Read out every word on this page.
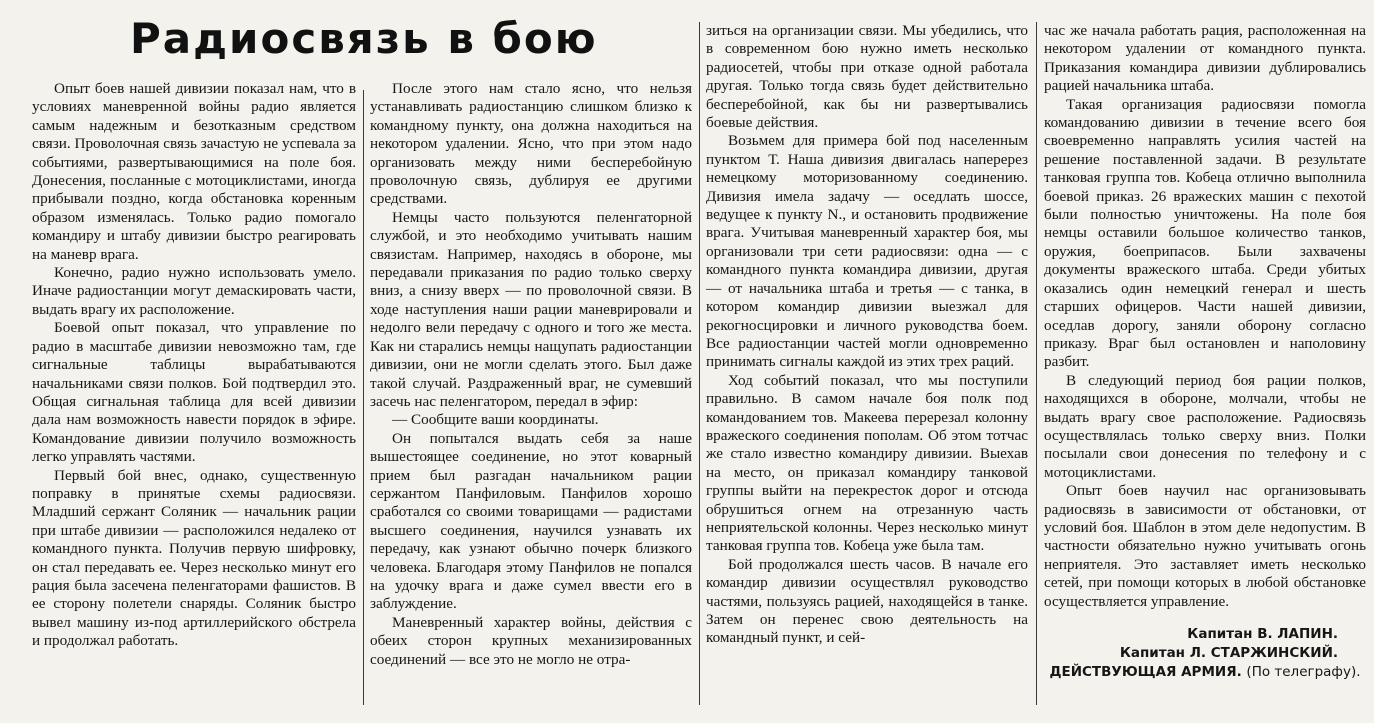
Радиосвязь в бою

Опыт боев нашей дивизии показал нам, что в условиях маневренной войны радио является самым надежным и безотказным средством связи. Проволочная связь зачастую не успевала за событиями, развертывающимися на поле боя. Донесения, посланные с мотоциклистами, иногда прибывали поздно, когда обстановка коренным образом изменялась. Только радио помогало командиру и штабу дивизии быстро реагировать на маневр врага.

Конечно, радио нужно использовать умело. Иначе радиостанции могут демаскировать части, выдать врагу их расположение.

Боевой опыт показал, что управление по радио в масштабе дивизии невозможно там, где сигнальные таблицы вырабатываются начальниками связи полков. Бой подтвердил это. Общая сигнальная таблица для всей дивизии дала нам возможность навести порядок в эфире. Командование дивизии получило возможность легко управлять частями.

Первый бой внес, однако, существенную поправку в принятые схемы радиосвязи. Младший сержант Соляник — начальник рации при штабе дивизии — расположился недалеко от командного пункта. Получив первую шифровку, он стал передавать ее. Через несколько минут его рация была засечена пеленгаторами фашистов. В ее сторону полетели снаряды. Соляник быстро вывел машину из-под артиллерийского обстрела и продолжал работать.

После этого нам стало ясно, что нельзя устанавливать радиостанцию слишком близко к командному пункту, она должна находиться на некотором удалении. Ясно, что при этом надо организовать между ними бесперебойную проволочную связь, дублируя ее другими средствами.

Немцы часто пользуются пеленгаторной службой, и это необходимо учитывать нашим связистам. Например, находясь в обороне, мы передавали приказания по радио только сверху вниз, а снизу вверх — по проволочной связи. В ходе наступления наши рации маневрировали и недолго вели передачу с одного и того же места. Как ни старались немцы нащупать радиостанции дивизии, они не могли сделать этого. Был даже такой случай. Раздраженный враг, не сумевший засечь нас пеленгатором, передал в эфир:

— Сообщите ваши координаты.

Он попытался выдать себя за наше вышестоящее соединение, но этот коварный прием был разгадан начальником рации сержантом Панфиловым. Панфилов хорошо сработался со своими товарищами — радистами высшего соединения, научился узнавать их передачу, как узнают обычно почерк близкого человека. Благодаря этому Панфилов не попался на удочку врага и даже сумел ввести его в заблуждение.

Маневренный характер войны, действия с обеих сторон крупных механизированных соединений — все это не могло не отра-

зиться на организации связи. Мы убедились, что в современном бою нужно иметь несколько радиосетей, чтобы при отказе одной работала другая. Только тогда связь будет действительно бесперебойной, как бы ни развертывались боевые действия.

Возьмем для примера бой под населенным пунктом Т. Наша дивизия двигалась наперерез немецкому моторизованному соединению. Дивизия имела задачу — оседлать шоссе, ведущее к пункту N., и остановить продвижение врага. Учитывая маневренный характер боя, мы организовали три сети радиосвязи: одна — с командного пункта командира дивизии, другая — от начальника штаба и третья — с танка, в котором командир дивизии выезжал для рекогносцировки и личного руководства боем. Все радиостанции частей могли одновременно принимать сигналы каждой из этих трех раций.

Ход событий показал, что мы поступили правильно. В самом начале боя полк под командованием тов. Макеева перерезал колонну вражеского соединения пополам. Об этом тотчас же стало известно командиру дивизии. Выехав на место, он приказал командиру танковой группы выйти на перекресток дорог и отсюда обрушиться огнем на отрезанную часть неприятельской колонны. Через несколько минут танковая группа тов. Кобеца уже была там.

Бой продолжался шесть часов. В начале его командир дивизии осуществлял руководство частями, пользуясь рацией, находящейся в танке. Затем он перенес свою деятельность на командный пункт, и сей-

час же начала работать рация, расположенная на некотором удалении от командного пункта. Приказания командира дивизии дублировались рацией начальника штаба.

Такая организация радиосвязи помогла командованию дивизии в течение всего боя своевременно направлять усилия частей на решение поставленной задачи. В результате танковая группа тов. Кобеца отлично выполнила боевой приказ. 26 вражеских машин с пехотой были полностью уничтожены. На поле боя немцы оставили большое количество танков, оружия, боеприпасов. Были захвачены документы вражеского штаба. Среди убитых оказались один немецкий генерал и шесть старших офицеров. Части нашей дивизии, оседлав дорогу, заняли оборону согласно приказу. Враг был остановлен и наполовину разбит.

В следующий период боя рации полков, находящихся в обороне, молчали, чтобы не выдать врагу свое расположение. Радиосвязь осуществлялась только сверху вниз. Полки посылали свои донесения по телефону и с мотоциклистами.

Опыт боев научил нас организовывать радиосвязь в зависимости от обстановки, от условий боя. Шаблон в этом деле недопустим. В частности обязательно нужно учитывать огонь неприятеля. Это заставляет иметь несколько сетей, при помощи которых в любой обстановке осуществляется управление.

Капитан В. ЛАПИН.
Капитан Л. СТАРЖИНСКИЙ.
ДЕЙСТВУЮЩАЯ АРМИЯ. (По телеграфу).
